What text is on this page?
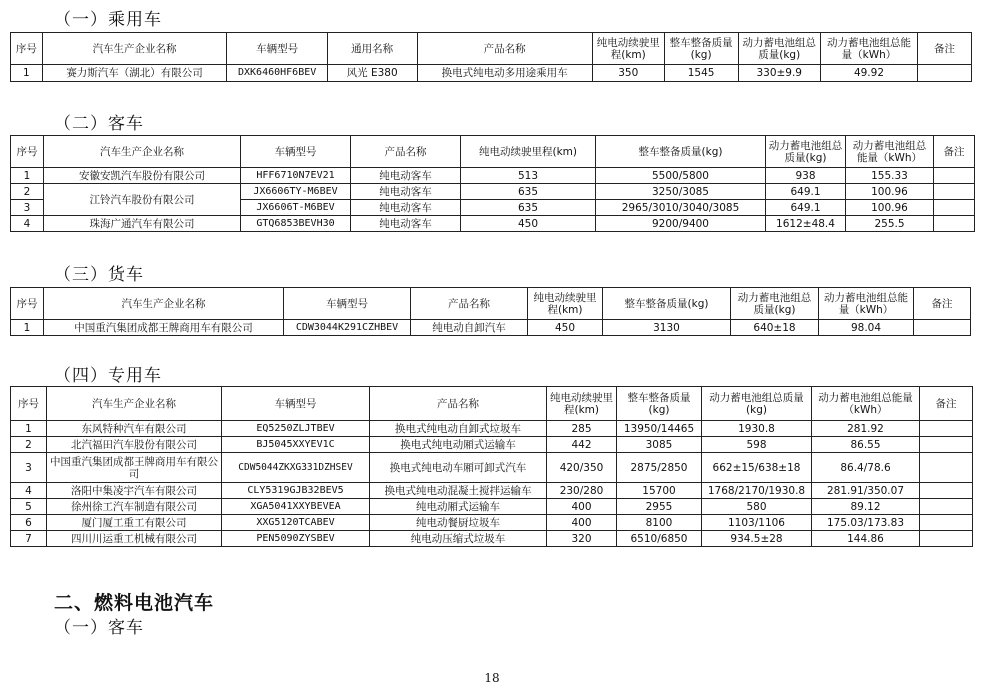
（一）乘用车
序号	汽车生产企业名称	车辆型号	通用名称	产品名称	纯电动续驶里程(km)	整车整备质量(kg)	动力蓄电池组总质量(kg)	动力蓄电池组总能量（kWh）	备注
1	赛力斯汽车（湖北）有限公司	DXK6460HF6BEV	风光 E380	换电式纯电动多用途乘用车	350	1545	330±9.9	49.92	
（二）客车
序号	汽车生产企业名称	车辆型号	产品名称	纯电动续驶里程(km)	整车整备质量(kg)	动力蓄电池组总质量(kg)	动力蓄电池组总能量（kWh）	备注
1	安徽安凯汽车股份有限公司	HFF6710N7EV21	纯电动客车	513	5500/5800	938	155.33	
2	江铃汽车股份有限公司	JX6606TY-M6BEV	纯电动客车	635	3250/3085	649.1	100.96	
3		JX6606T-M6BEV	纯电动客车	635	2965/3010/3040/3085	649.1	100.96	
4	珠海广通汽车有限公司	GTQ6853BEVH30	纯电动客车	450	9200/9400	1612±48.4	255.5	
（三）货车
序号	汽车生产企业名称	车辆型号	产品名称	纯电动续驶里程(km)	整车整备质量(kg)	动力蓄电池组总质量(kg)	动力蓄电池组总能量（kWh）	备注
1	中国重汽集团成都王牌商用车有限公司	CDW3044K291CZHBEV	纯电动自卸汽车	450	3130	640±18	98.04	
（四）专用车
序号	汽车生产企业名称	车辆型号	产品名称	纯电动续驶里程(km)	整车整备质量(kg)	动力蓄电池组总质量(kg)	动力蓄电池组总能量（kWh）	备注
1	东风特种汽车有限公司	EQ5250ZLJTBEV	换电式纯电动自卸式垃圾车	285	13950/14465	1930.8	281.92	
2	北汽福田汽车股份有限公司	BJ5045XXYEV1C	换电式纯电动厢式运输车	442	3085	598	86.55	
3	中国重汽集团成都王牌商用车有限公司	CDW5044ZKXG331DZHSEV	换电式纯电动车厢可卸式汽车	420/350	2875/2850	662±15/638±18	86.4/78.6	
4	洛阳中集凌宇汽车有限公司	CLY5319GJB32BEV5	换电式纯电动混凝土搅拌运输车	230/280	15700	1768/2170/1930.8	281.91/350.07	
5	徐州徐工汽车制造有限公司	XGA5041XXYBEVEA	纯电动厢式运输车	400	2955	580	89.12	
6	厦门厦工重工有限公司	XXG5120TCABEV	纯电动餐厨垃圾车	400	8100	1103/1106	175.03/173.83	
7	四川川运重工机械有限公司	PEN5090ZYSBEV	纯电动压缩式垃圾车	320	6510/6850	934.5±28	144.86	
二、燃料电池汽车
（一）客车
18
